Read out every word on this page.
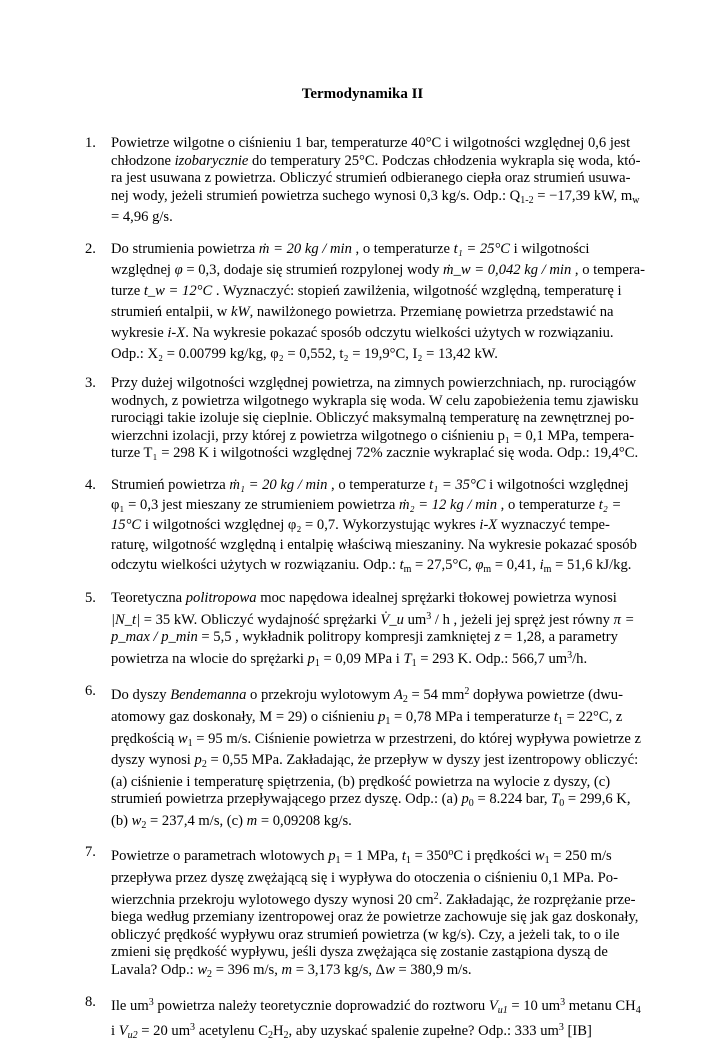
Termodynamika II
1. Powietrze wilgotne o ciśnieniu 1 bar, temperaturze 40°C i wilgotności względnej 0,6 jest chłodzone izobarycznie do temperatury 25°C. Podczas chłodzenia wykrapla się woda, któ-ra jest usuwana z powietrza. Obliczyć strumień odbieranego ciepła oraz strumień usuwa-nej wody, jeżeli strumień powietrza suchego wynosi 0,3 kg/s. Odp.: $Q_{1-2} = -17,39$ kW, $m_w = 4,96$ g/s.
2. Do strumienia powietrza ṁ = 20 kg / min , o temperaturze t₁ = 25°C i wilgotności względnej φ = 0,3, dodaje się strumień rozpylonej wody ṁ_w = 0,042 kg / min , o tempera-turze t_w = 12°C . Wyznaczyć: stopień zawilżenia, wilgotność względną, temperaturę i strumień entalpii, w kW, nawilżonego powietrza. Przemianę powietrza przedstawić na wykresie i-X. Na wykresie pokazać sposób odczytu wielkości użytych w rozwiązaniu. Odp.: X₂ = 0.00799 kg/kg, φ₂ = 0,552, t₂ = 19,9°C, I₂ = 13,42 kW.
3. Przy dużej wilgotności względnej powietrza, na zimnych powierzchniach, np. rurociągów wodnych, z powietrza wilgotnego wykrapla się woda. W celu zapobieżenia temu zjawisku rurociągi takie izoluje się cieplnie. Obliczyć maksymalną temperaturę na zewnętrznej po-wierzchni izolacji, przy której z powietrza wilgotnego o ciśnieniu p₁ = 0,1 MPa, tempera-turze T₁ = 298 K i wilgotności względnej 72% zacznie wykraplać się woda. Odp.: 19,4°C.
4. Strumień powietrza ṁ₁ = 20 kg / min , o temperaturze t₁ = 35°C i wilgotności względnej φ₁ = 0,3 jest mieszany ze strumieniem powietrza ṁ₂ = 12 kg / min , o temperaturze t₂ = 15°C i wilgotności względnej φ₂ = 0,7. Wykorzystując wykres i-X wyznaczyć tempe-raturę, wilgotność względną i entalpię właściwą mieszaniny. Na wykresie pokazać sposób odczytu wielkości użytych w rozwiązaniu. Odp.: $t_m = 27,5^\circ C$, $\varphi_m = 0,41$, $i_m = 51,6$ kJ/kg.
5. Teoretyczna politropowa moc napędowa idealnej sprężarki tłokowej powietrza wynosi |N_t| = 35 kW. Obliczyć wydajność sprężarki V̇_u $um^3$ / h , jeżeli jej spręż jest równy π = p_max / p_min = 5,5 , wykładnik politropy kompresji zamkniętej z = 1,28, a parametry powietrza na wlocie do sprężarki $p_1 = 0,09$ MPa i $T_1 = 293$ K. Odp.: 566,7 $um^3/h$.
6. Do dyszy Bendemanna o przekroju wylotowym $A_2 = 54$ $mm^2$ dopływa powietrze (dwu-atomowy gaz doskonały, M = 29) o ciśnieniu $p_1 = 0,78$ MPa i temperaturze $t_1 = 22^\circ C$, z prędkością $w_1 = 95$ m/s. Ciśnienie powietrza w przestrzeni, do której wypływa powietrze z dyszy wynosi $p_2 = 0,55$ MPa. Zakładając, że przepływ w dyszy jest izentropowy obliczyć: (a) ciśnienie i temperaturę spiętrzenia, (b) prędkość powietrza na wylocie z dyszy, (c) strumień powietrza przepływającego przez dyszę. Odp.: (a) $p_0 = 8.224$ bar, $T_0 = 299,6$ K, (b) $w_2 = 237,4$ m/s, (c) m = 0,09208 kg/s.
7. Powietrze o parametrach wlotowych $p_1 = 1$ MPa, $t_1 = 350^oC$ i prędkości $w_1 = 250$ m/s przepływa przez dyszę zwężającą się i wypływa do otoczenia o ciśnieniu 0,1 MPa. Po-wierzchnia przekroju wylotowego dyszy wynosi 20 $cm^2$. Zakładając, że rozprężanie prze-biega według przemiany izentropowej oraz że powietrze zachowuje się jak gaz doskonały, obliczyć prędkość wypływu oraz strumień powietrza (w kg/s). Czy, a jeżeli tak, to o ile zmieni się prędkość wypływu, jeśli dysza zwężająca się zostanie zastąpiona dyszą de Lavala? Odp.: $w_2 = 396$ m/s, m = 3,173 kg/s, Δw = 380,9 m/s.
8. Ile $um^3$ powietrza należy teoretycznie doprowadzić do roztworu $V_{u1} = 10$ $um^3$ metanu $CH_4$ i $V_{u2} = 20$ $um^3$ acetylenu $C_2H_2$, aby uzyskać spalenie zupełne? Odp.: 333 $um^3$ [IB]
